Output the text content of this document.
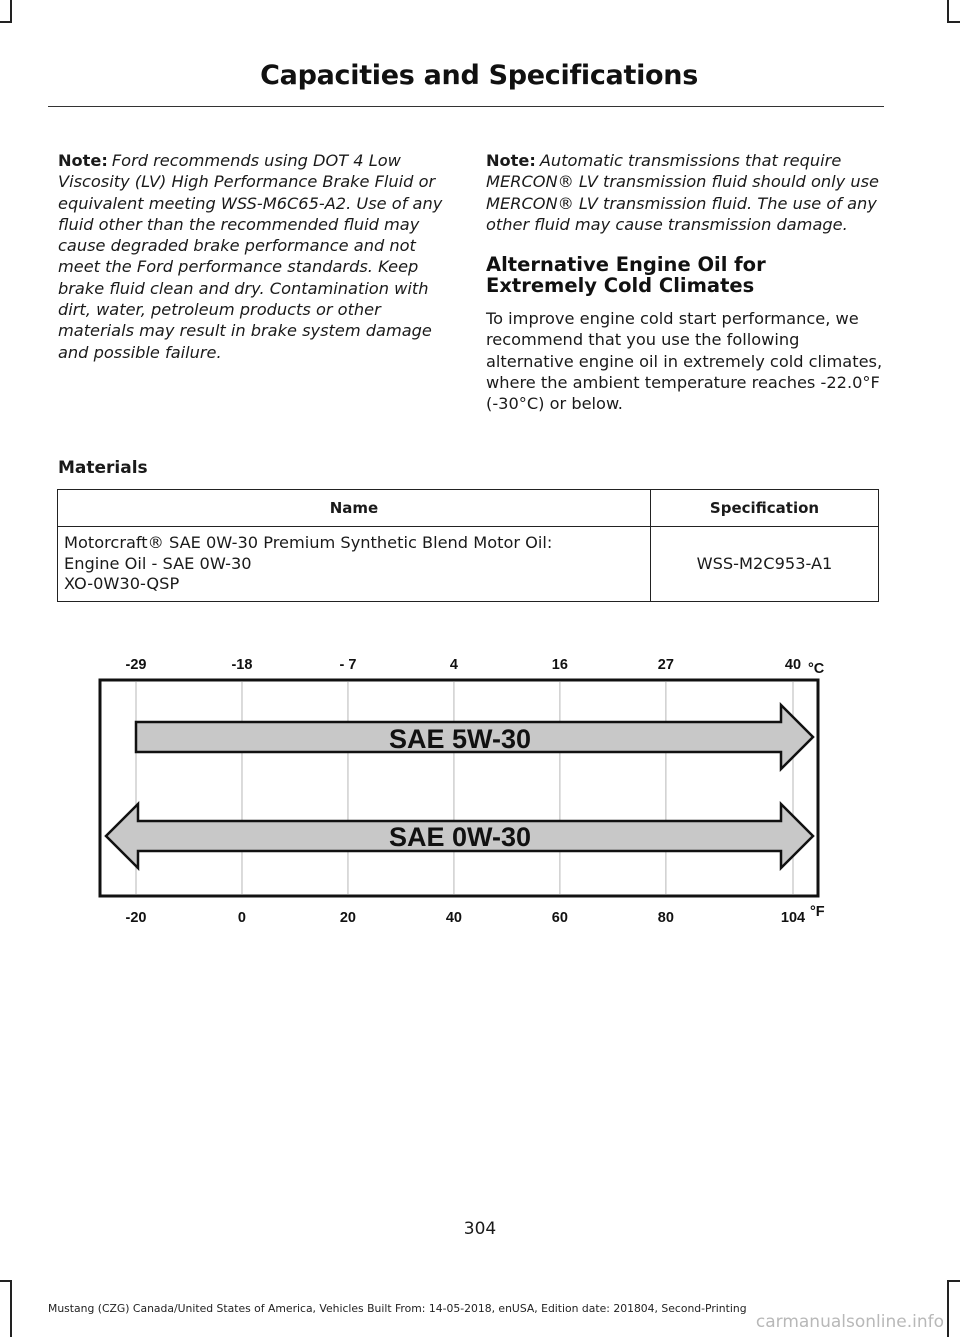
Capacities and Specifications

Note: Ford recommends using DOT 4 Low Viscosity (LV) High Performance Brake Fluid or equivalent meeting WSS-M6C65-A2. Use of any fluid other than the recommended fluid may cause degraded brake performance and not meet the Ford performance standards. Keep brake fluid clean and dry. Contamination with dirt, water, petroleum products or other materials may result in brake system damage and possible failure.

Note: Automatic transmissions that require MERCON® LV transmission fluid should only use MERCON® LV transmission fluid. The use of any other fluid may cause transmission damage.

Alternative Engine Oil for
Extremely Cold Climates

To improve engine cold start performance, we recommend that you use the following alternative engine oil in extremely cold climates, where the ambient temperature reaches -22.0°F (-30°C) or below.

Materials
Name	Specification

Motorcraft® SAE 0W-30 Premium Synthetic Blend Motor Oil:
Engine Oil - SAE 0W-30
XO-0W30-QSP	WSS-M2C953-A1
SAE 5W-30
SAE 0W-30
-29	-18	- 7	4	16	27	40
-20	0	20	40	60	80	104
°C
°F
304
Mustang (CZG) Canada/United States of America, Vehicles Built From: 14-05-2018, enUSA, Edition date: 201804, Second-Printing
carmanualsonline.info
